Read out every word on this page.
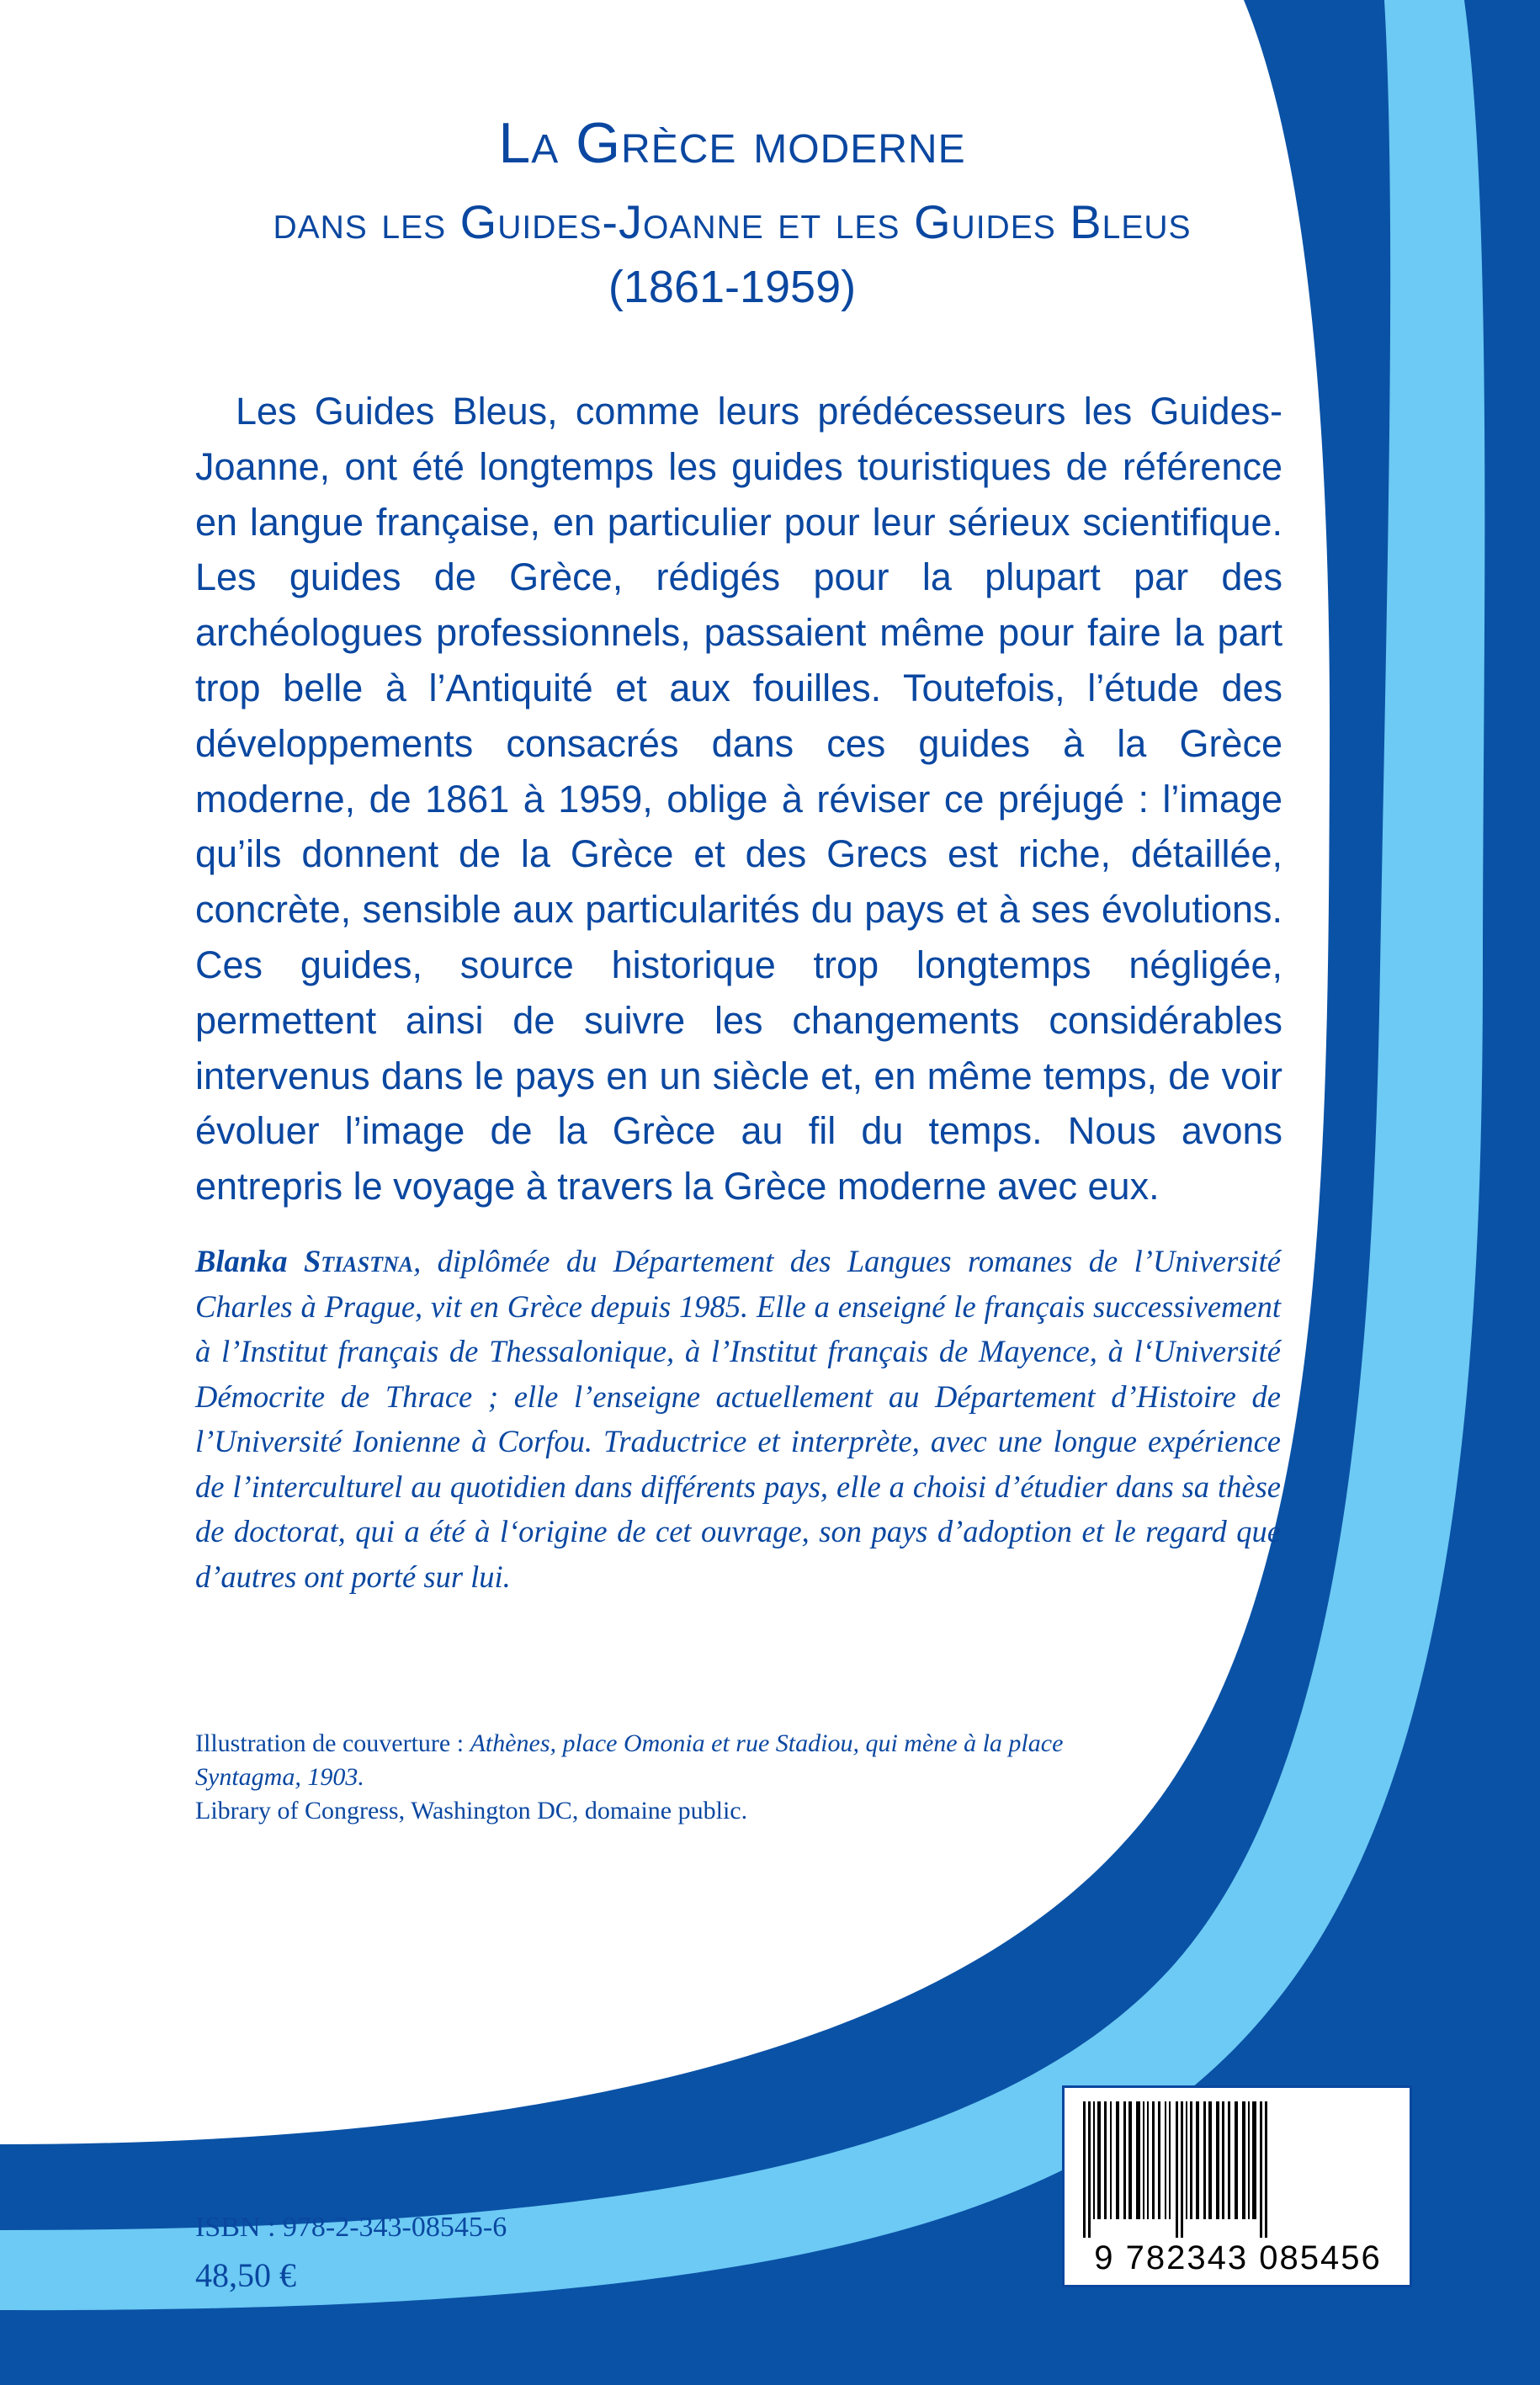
La Grèce moderne
dans les Guides-Joanne et les Guides Bleus
(1861-1959)

Les Guides Bleus, comme leurs prédécesseurs les Guides-Joanne, ont été longtemps les guides touristiques de référence en langue française, en particulier pour leur sérieux scientifique. Les guides de Grèce, rédigés pour la plupart par des archéologues professionnels, passaient même pour faire la part trop belle à l’Antiquité et aux fouilles. Toutefois, l’étude des développements consacrés dans ces guides à la Grèce moderne, de 1861 à 1959, oblige à réviser ce préjugé : l’image qu’ils donnent de la Grèce et des Grecs est riche, détaillée, concrète, sensible aux particularités du pays et à ses évolutions. Ces guides, source historique trop longtemps négligée, permettent ainsi de suivre les changements considérables intervenus dans le pays en un siècle et, en même temps, de voir évoluer l’image de la Grèce au fil du temps. Nous avons entrepris le voyage à travers la Grèce moderne avec eux.

Blanka Stiastna, diplômée du Département des Langues romanes de l’Université Charles à Prague, vit en Grèce depuis 1985. Elle a enseigné le français successivement à l’Institut français de Thessalonique, à l’Institut français de Mayence, à l‘Université Démocrite de Thrace ; elle l’enseigne actuellement au Département d’Histoire de l’Université Ionienne à Corfou. Traductrice et interprète, avec une longue expérience de l’interculturel au quotidien dans différents pays, elle a choisi d’étudier dans sa thèse de doctorat, qui a été à l‘origine de cet ouvrage, son pays d’adoption et le regard que d’autres ont porté sur lui.

Illustration de couverture : Athènes, place Omonia et rue Stadiou, qui mène à la place Syntagma, 1903.
Library of Congress, Washington DC, domaine public.

ISBN : 978-2-343-08545-6
48,50 €	9 782343 085456
